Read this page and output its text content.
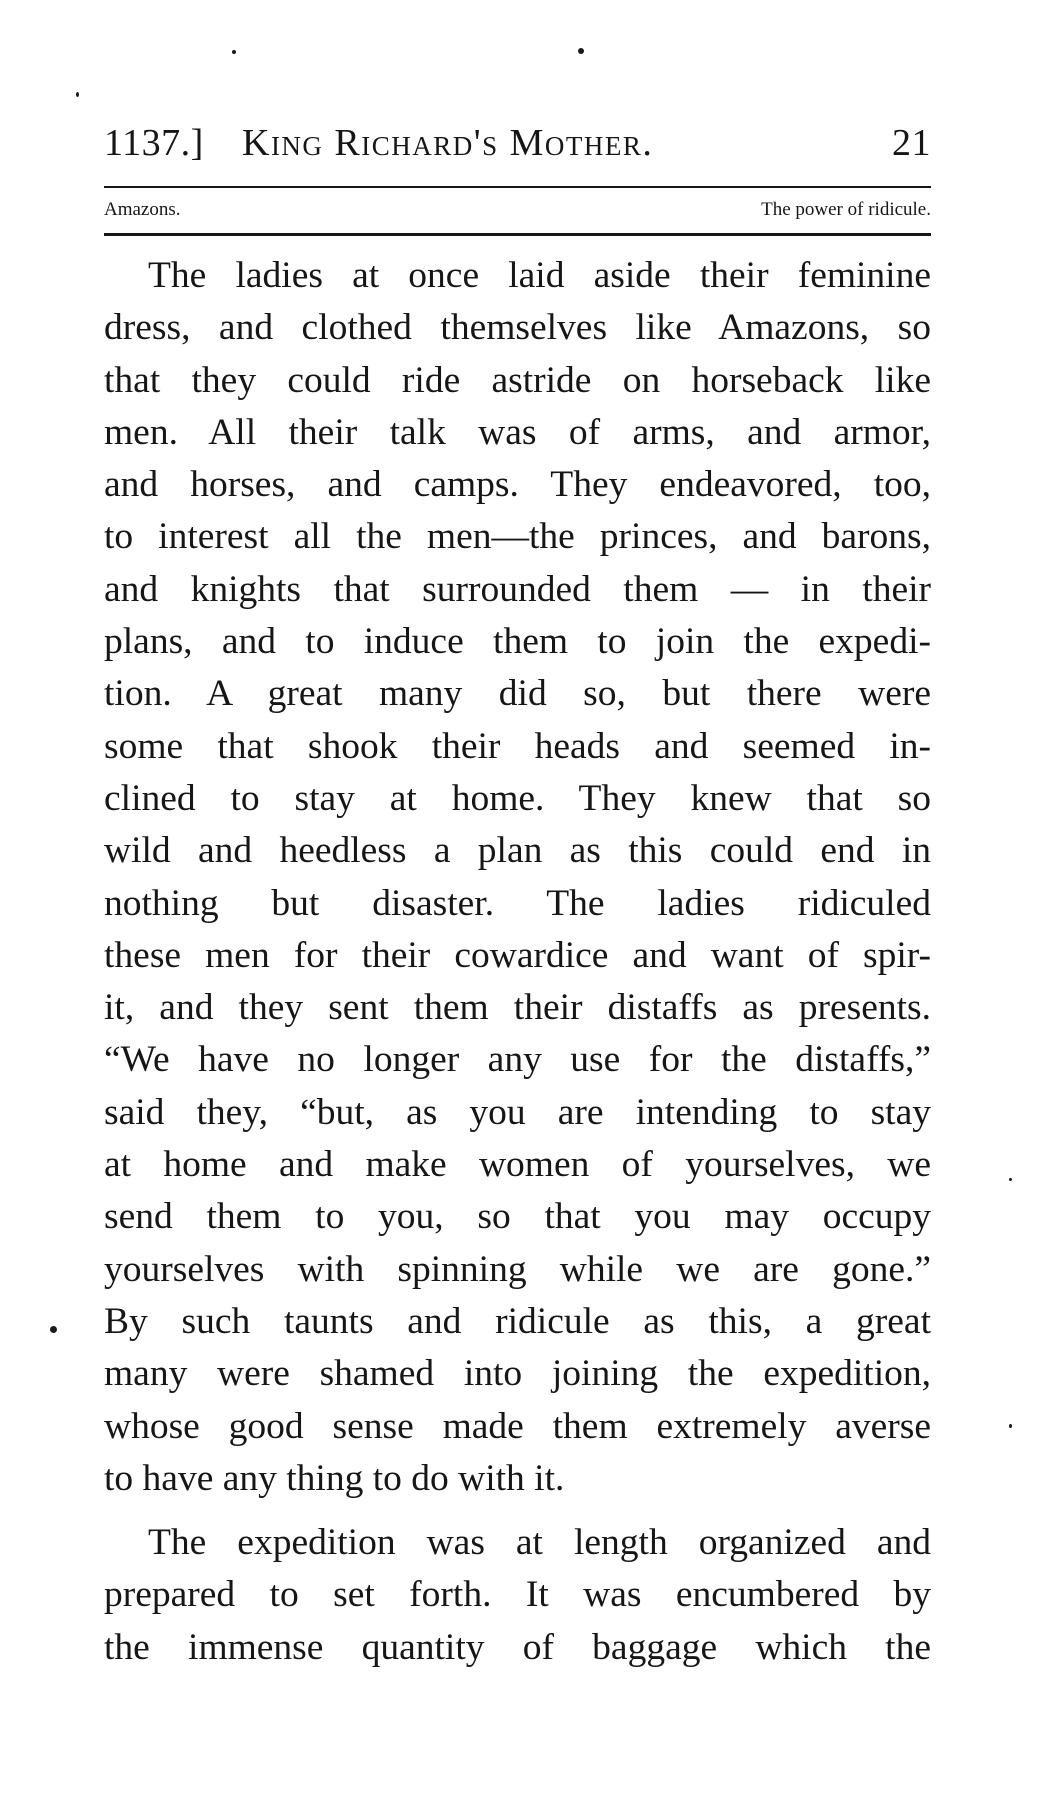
1137.] King Richard's Mother.	21
Amazons.	The power of ridicule.
The ladies at once laid aside their feminine
dress, and clothed themselves like Amazons, so
that they could ride astride on horseback like
men. All their talk was of arms, and armor,
and horses, and camps. They endeavored, too,
to interest all the men—the princes, and barons,
and knights that surrounded them — in their
plans, and to induce them to join the expedi-
tion. A great many did so, but there were
some that shook their heads and seemed in-
clined to stay at home. They knew that so
wild and heedless a plan as this could end in
nothing but disaster. The ladies ridiculed
these men for their cowardice and want of spir-
it, and they sent them their distaffs as presents.
“We have no longer any use for the distaffs,”
said they, “but, as you are intending to stay
at home and make women of yourselves, we
send them to you, so that you may occupy
yourselves with spinning while we are gone.”
By such taunts and ridicule as this, a great
many were shamed into joining the expedition,
whose good sense made them extremely averse
to have any thing to do with it.
The expedition was at length organized and
prepared to set forth. It was encumbered by
the immense quantity of baggage which the
